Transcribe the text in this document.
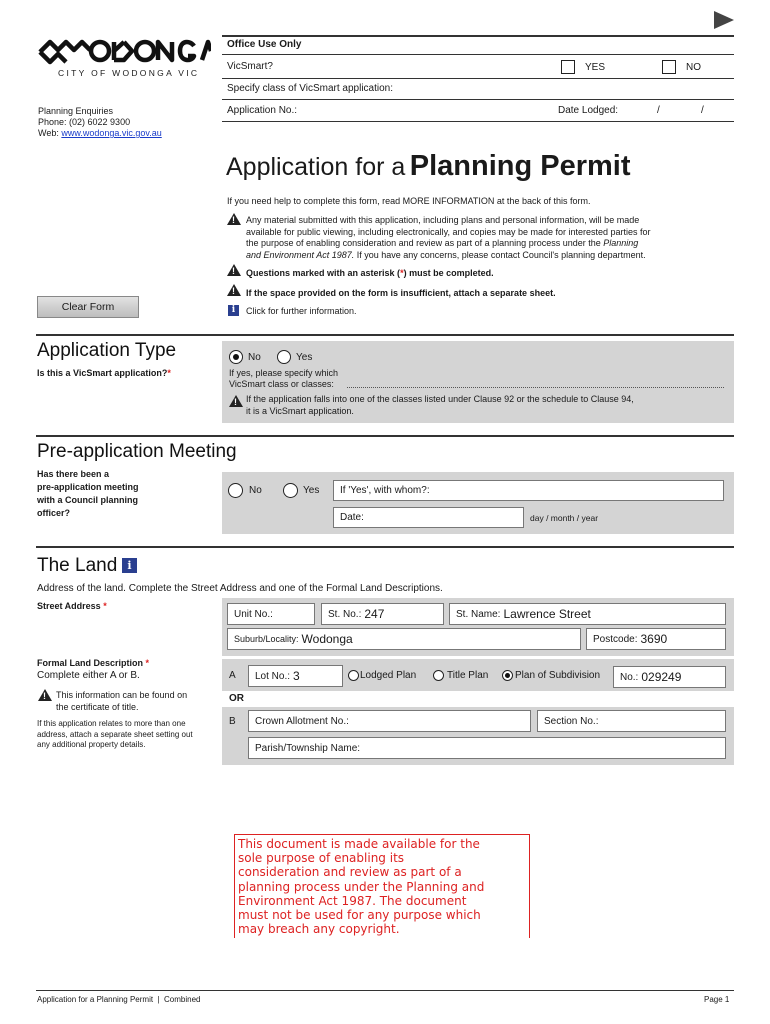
CITY OF WODONGA VIC
Planning Enquiries
Phone: (02) 6022 9300
Web: www.wodonga.vic.gov.au
Office Use Only
VicSmart?	YES	NO
Specify class of VicSmart application:
Application No.:	Date Lodged:	/	/
Application for a Planning Permit
If you need help to complete this form, read MORE INFORMATION at the back of this form.
!
Any material submitted with this application, including plans and personal information, will be made
available for public viewing, including electronically, and copies may be made for interested parties for
the purpose of enabling consideration and review as part of a planning process under the Planning
and Environment Act 1987. If you have any concerns, please contact Council's planning department.
!
Questions marked with an asterisk (*) must be completed.
!
If the space provided on the form is insufficient, attach a separate sheet.
i	Click for further information.
Clear Form
Application Type
Is this a VicSmart application?*
No	Yes
If yes, please specify which
VicSmart class or classes:
!
If the application falls into one of the classes listed under Clause 92 or the schedule to Clause 94,
it is a VicSmart application.
Pre-application Meeting
Has there been a
pre-application meeting
with a Council planning
officer?
No	Yes If 'Yes', with whom?:
Date:	day / month / year
The Land i
Address of the land. Complete the Street Address and one of the Formal Land Descriptions.
Street Address *
Unit No.:	St. No.: 247	St. Name: Lawrence Street
Suburb/Locality: Wodonga	Postcode: 3690
Formal Land Description *
Complete either A or B.
!
This information can be found on
the certificate of title.
If this application relates to more than one
address, attach a separate sheet setting out
any additional property details.
A Lot No.: 3	Lodged Plan	Title Plan	Plan of Subdivision No.: 029249
OR
B Crown Allotment No.:	Section No.:
Parish/Township Name:
This document is made available for the
sole purpose of enabling its
consideration and review as part of a
planning process under the Planning and
Environment Act 1987. The document
must not be used for any purpose which
may breach any copyright.
Application for a Planning Permit  |  Combined	Page 1
